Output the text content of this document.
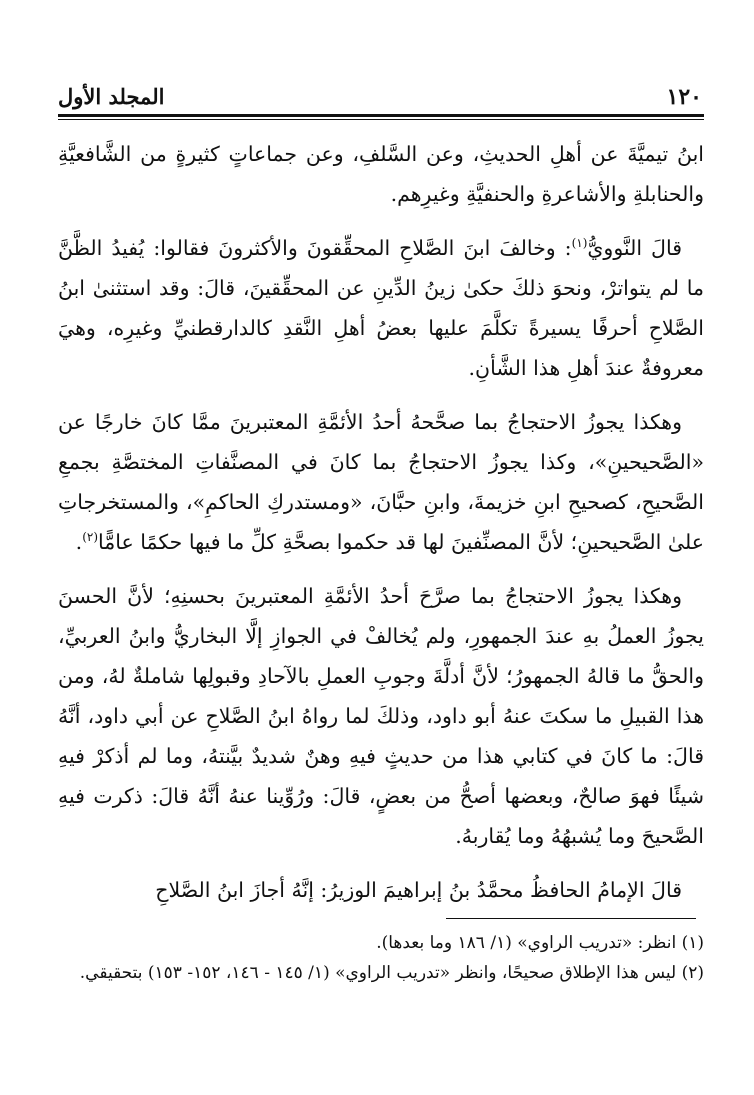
١٢٠
المجلد الأول

ابنُ تيميَّةَ عن أهلِ الحديثِ، وعن السَّلفِ، وعن جماعاتٍ كثيرةٍ من الشَّافعيَّةِ والحنابلةِ والأشاعرةِ والحنفيَّةِ وغيرِهم.

قالَ النَّوويُّ$^{(١)}$: وخالفَ ابنَ الصَّلاحِ المحقِّقونَ والأكثرونَ فقالوا: يُفيدُ الظَّنَّ ما لم يتواترْ، ونحوَ ذلكَ حكىٰ زينُ الدِّينِ عن المحقِّقينَ، قالَ: وقد استثنىٰ ابنُ الصَّلاحِ أحرفًا يسيرةً تكلَّمَ عليها بعضُ أهلِ النَّقدِ كالدارقطنيِّ وغيرِه، وهيَ معروفةٌ عندَ أهلِ هذا الشَّأنِ.

وهكذا يجوزُ الاحتجاجُ بما صحَّحهُ أحدُ الأئمَّةِ المعتبرينَ ممَّا كانَ خارجًا عن «الصَّحيحينِ»، وكذا يجوزُ الاحتجاجُ بما كانَ في المصنَّفاتِ المختصَّةِ بجمعِ الصَّحيحِ، كصحيحِ ابنِ خزيمةَ، وابنِ حبَّانَ، «ومستدركِ الحاكمِ»، والمستخرجاتِ علىٰ الصَّحيحينِ؛ لأنَّ المصنِّفينَ لها قد حكموا بصحَّةِ كلِّ ما فيها حكمًا عامًّا$^{(٢)}$.

وهكذا يجوزُ الاحتجاجُ بما صرَّحَ أحدُ الأئمَّةِ المعتبرينَ بحسنِهِ؛ لأنَّ الحسنَ يجوزُ العملُ بهِ عندَ الجمهورِ، ولم يُخالفْ في الجوازِ إلَّا البخاريُّ وابنُ العربيِّ، والحقُّ ما قالهُ الجمهورُ؛ لأنَّ أدلَّةَ وجوبِ العملِ بالآحادِ وقبولِها شاملةٌ لهُ، ومن هذا القبيلِ ما سكتَ عنهُ أبو داود، وذلكَ لما رواهُ ابنُ الصَّلاحِ عن أبي داود، أنَّهُ قالَ: ما كانَ في كتابي هذا من حديثٍ فيهِ وهنٌ شديدٌ بيَّنتهُ، وما لم أذكرْ فيهِ شيئًا فهوَ صالحٌ، وبعضها أصحُّ من بعضٍ، قالَ: ورُوِّينا عنهُ أنَّهُ قالَ: ذكرت فيهِ الصَّحيحَ وما يُشبهُهُ وما يُقاربهُ.

قالَ الإمامُ الحافظُ محمَّدُ بنُ إبراهيمَ الوزيرُ: إنَّهُ أجازَ ابنُ الصَّلاحِ

(١) انظر: «تدريب الراوي» (١/ ١٨٦ وما بعدها).

(٢) ليس هذا الإطلاق صحيحًا، وانظر «تدريب الراوي» (١/ ١٤٥ - ١٤٦، ١٥٢- ١٥٣) بتحقيقي.
